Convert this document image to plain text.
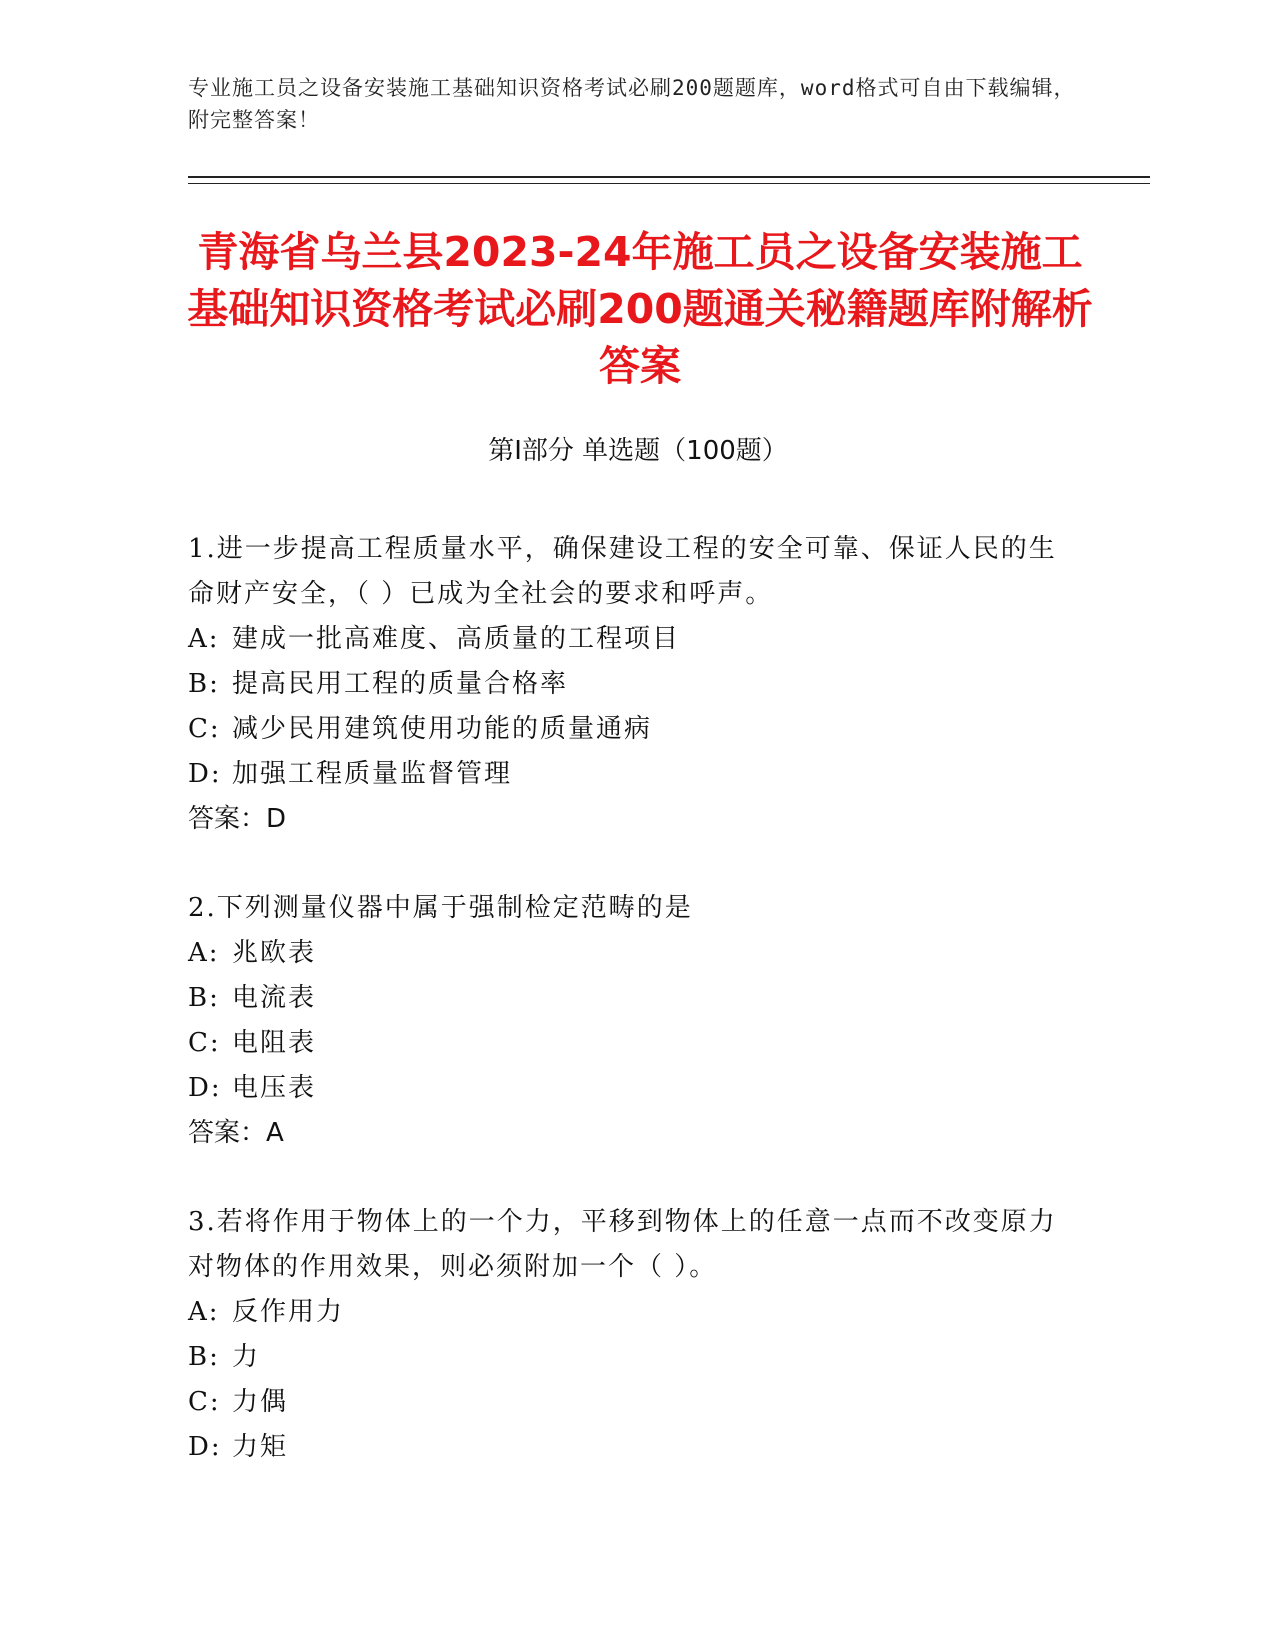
专业施工员之设备安装施工基础知识资格考试必刷200题题库，word格式可自由下载编辑，附完整答案！
青海省乌兰县2023-24年施工员之设备安装施工基础知识资格考试必刷200题通关秘籍题库附解析答案
第Ⅰ部分 单选题（100题）

1.进一步提高工程质量水平，确保建设工程的安全可靠、保证人民的生命财产安全，（ ）已成为全社会的要求和呼声。

A: 建成一批高难度、高质量的工程项目
B: 提高民用工程的质量合格率
C: 减少民用建筑使用功能的质量通病
D: 加强工程质量监督管理

答案：D

2.下列测量仪器中属于强制检定范畴的是

A: 兆欧表
B: 电流表
C: 电阻表
D: 电压表

答案：A

3.若将作用于物体上的一个力，平移到物体上的任意一点而不改变原力对物体的作用效果，则必须附加一个（ ）。

A: 反作用力
B: 力
C: 力偶
D: 力矩
